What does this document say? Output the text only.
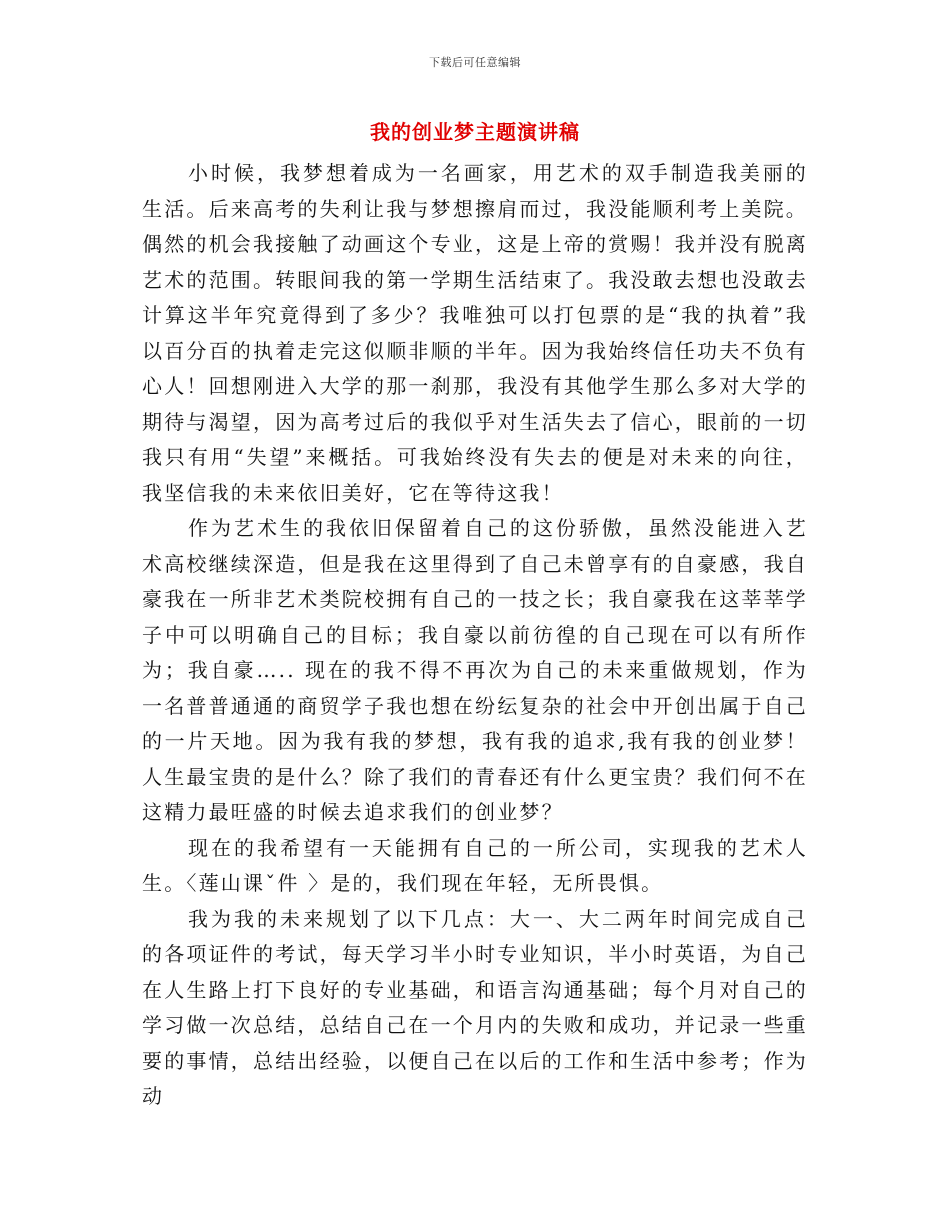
下载后可任意编辑
我的创业梦主题演讲稿

小时候，我梦想着成为一名画家，用艺术的双手制造我美丽的生活。后来高考的失利让我与梦想擦肩而过，我没能顺利考上美院。偶然的机会我接触了动画这个专业，这是上帝的赏赐！我并没有脱离艺术的范围。转眼间我的第一学期生活结束了。我没敢去想也没敢去计算这半年究竟得到了多少？我唯独可以打包票的是“我的执着”我以百分百的执着走完这似顺非顺的半年。因为我始终信任功夫不负有心人！回想刚进入大学的那一刹那，我没有其他学生那么多对大学的期待与渴望，因为高考过后的我似乎对生活失去了信心，眼前的一切我只有用“失望”来概括。可我始终没有失去的便是对未来的向往，我坚信我的未来依旧美好，它在等待这我！

作为艺术生的我依旧保留着自己的这份骄傲，虽然没能进入艺术高校继续深造，但是我在这里得到了自己未曾享有的自豪感，我自豪我在一所非艺术类院校拥有自己的一技之长；我自豪我在这莘莘学子中可以明确自己的目标；我自豪以前彷徨的自己现在可以有所作为；我自豪….. 现在的我不得不再次为自己的未来重做规划，作为一名普普通通的商贸学子我也想在纷纭复杂的社会中开创出属于自己的一片天地。因为我有我的梦想，我有我的追求,我有我的创业梦！　人生最宝贵的是什么？除了我们的青春还有什么更宝贵？我们何不在这精力最旺盛的时候去追求我们的创业梦？

现在的我希望有一天能拥有自己的一所公司，实现我的艺术人生。〈莲山课ˇ件 〉是的，我们现在年轻，无所畏惧。

我为我的未来规划了以下几点：大一、大二两年时间完成自己的各项证件的考试，每天学习半小时专业知识，半小时英语，为自己在人生路上打下良好的专业基础，和语言沟通基础；每个月对自己的学习做一次总结，总结自己在一个月内的失败和成功，并记录一些重要的事情，总结出经验，以便自己在以后的工作和生活中参考；作为动
